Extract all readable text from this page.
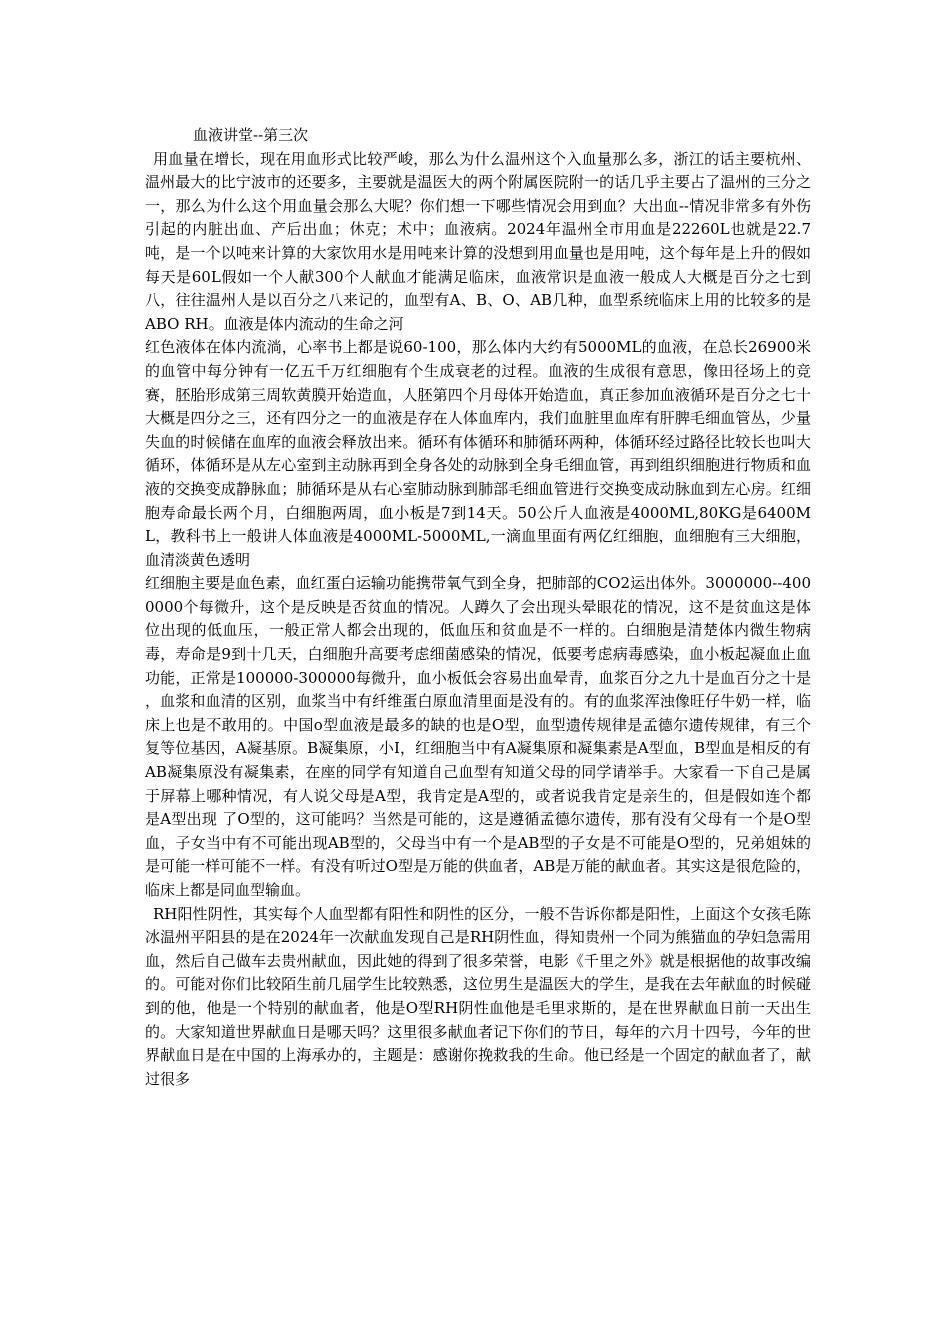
血液讲堂--第三次

用血量在增长，现在用血形式比较严峻，那么为什么温州这个入血量那么多，浙江的话主要杭州、温州最大的比宁波市的还要多，主要就是温医大的两个附属医院附一的话几乎主要占了温州的三分之一，那么为什么这个用血量会那么大呢？你们想一下哪些情况会用到血？大出血--情况非常多有外伤引起的内脏出血、产后出血；休克；术中；血液病。2024年温州全市用血是22260L也就是22.7吨，是一个以吨来计算的大家饮用水是用吨来计算的没想到用血量也是用吨，这个每年是上升的假如每天是60L假如一个人献300个人献血才能满足临床，血液常识是血液一般成人大概是百分之七到八，往往温州人是以百分之八来记的，血型有A、B、O、AB几种，血型系统临床上用的比较多的是ABO RH。血液是体内流动的生命之河

红色液体在体内流淌，心率书上都是说60-100，那么体内大约有5000ML的血液，在总长26900米的血管中每分钟有一亿五千万红细胞有个生成衰老的过程。血液的生成很有意思，像田径场上的竞赛，胚胎形成第三周软黄膜开始造血，人胚第四个月母体开始造血，真正参加血液循环是百分之七十大概是四分之三，还有四分之一的血液是存在人体血库内，我们血脏里血库有肝脾毛细血管丛，少量失血的时候储在血库的血液会释放出来。循环有体循环和肺循环两种，体循环经过路径比较长也叫大循环，体循环是从左心室到主动脉再到全身各处的动脉到全身毛细血管，再到组织细胞进行物质和血液的交换变成静脉血；肺循环是从右心室肺动脉到肺部毛细血管进行交换变成动脉血到左心房。红细胞寿命最长两个月，白细胞两周，血小板是7到14天。50公斤人血液是4000ML,80KG是6400ML，教科书上一般讲人体血液是4000ML-5000ML,一滴血里面有两亿红细胞，血细胞有三大细胞，血清淡黄色透明

红细胞主要是血色素，血红蛋白运输功能携带氧气到全身，把肺部的CO2运出体外。3000000--4000000个每微升，这个是反映是否贫血的情况。人蹲久了会出现头晕眼花的情况，这不是贫血这是体位出现的低血压，一般正常人都会出现的，低血压和贫血是不一样的。白细胞是清楚体内微生物病毒，寿命是9到十几天，白细胞升高要考虑细菌感染的情况，低要考虑病毒感染，血小板起凝血止血功能，正常是100000-300000每微升，血小板低会容易出血晕青，血浆百分之九十是血百分之十是 ，血浆和血清的区别，血浆当中有纤维蛋白原血清里面是没有的。有的血浆浑浊像旺仔牛奶一样，临床上也是不敢用的。中国o型血液是最多的缺的也是O型，血型遗传规律是孟德尔遗传规律，有三个复等位基因，A凝基原。B凝集原，小I，红细胞当中有A凝集原和凝集素是A型血，B型血是相反的有AB凝集原没有凝集素，在座的同学有知道自己血型有知道父母的同学请举手。大家看一下自己是属于屏幕上哪种情况，有人说父母是A型，我肯定是A型的，或者说我肯定是亲生的，但是假如连个都是A型出现 了O型的，这可能吗？当然是可能的，这是遵循孟德尔遗传，那有没有父母有一个是O型血，子女当中有不可能出现AB型的，父母当中有一个是AB型的子女是不可能是O型的，兄弟姐妹的是可能一样可能不一样。有没有听过O型是万能的供血者，AB是万能的献血者。其实这是很危险的，临床上都是同血型输血。

RH阳性阴性，其实每个人血型都有阳性和阴性的区分，一般不告诉你都是阳性，上面这个女孩毛陈冰温州平阳县的是在2024年一次献血发现自己是RH阴性血，得知贵州一个同为熊猫血的孕妇急需用血，然后自己做车去贵州献血，因此她的得到了很多荣誉，电影《千里之外》就是根据他的故事改编的。可能对你们比较陌生前几届学生比较熟悉，这位男生是温医大的学生，是我在去年献血的时候碰到的他，他是一个特别的献血者，他是O型RH阴性血他是毛里求斯的，是在世界献血日前一天出生的。大家知道世界献血日是哪天吗？这里很多献血者记下你们的节日，每年的六月十四号，今年的世界献血日是在中国的上海承办的，主题是：感谢你挽救我的生命。他已经是一个固定的献血者了，献过很多
